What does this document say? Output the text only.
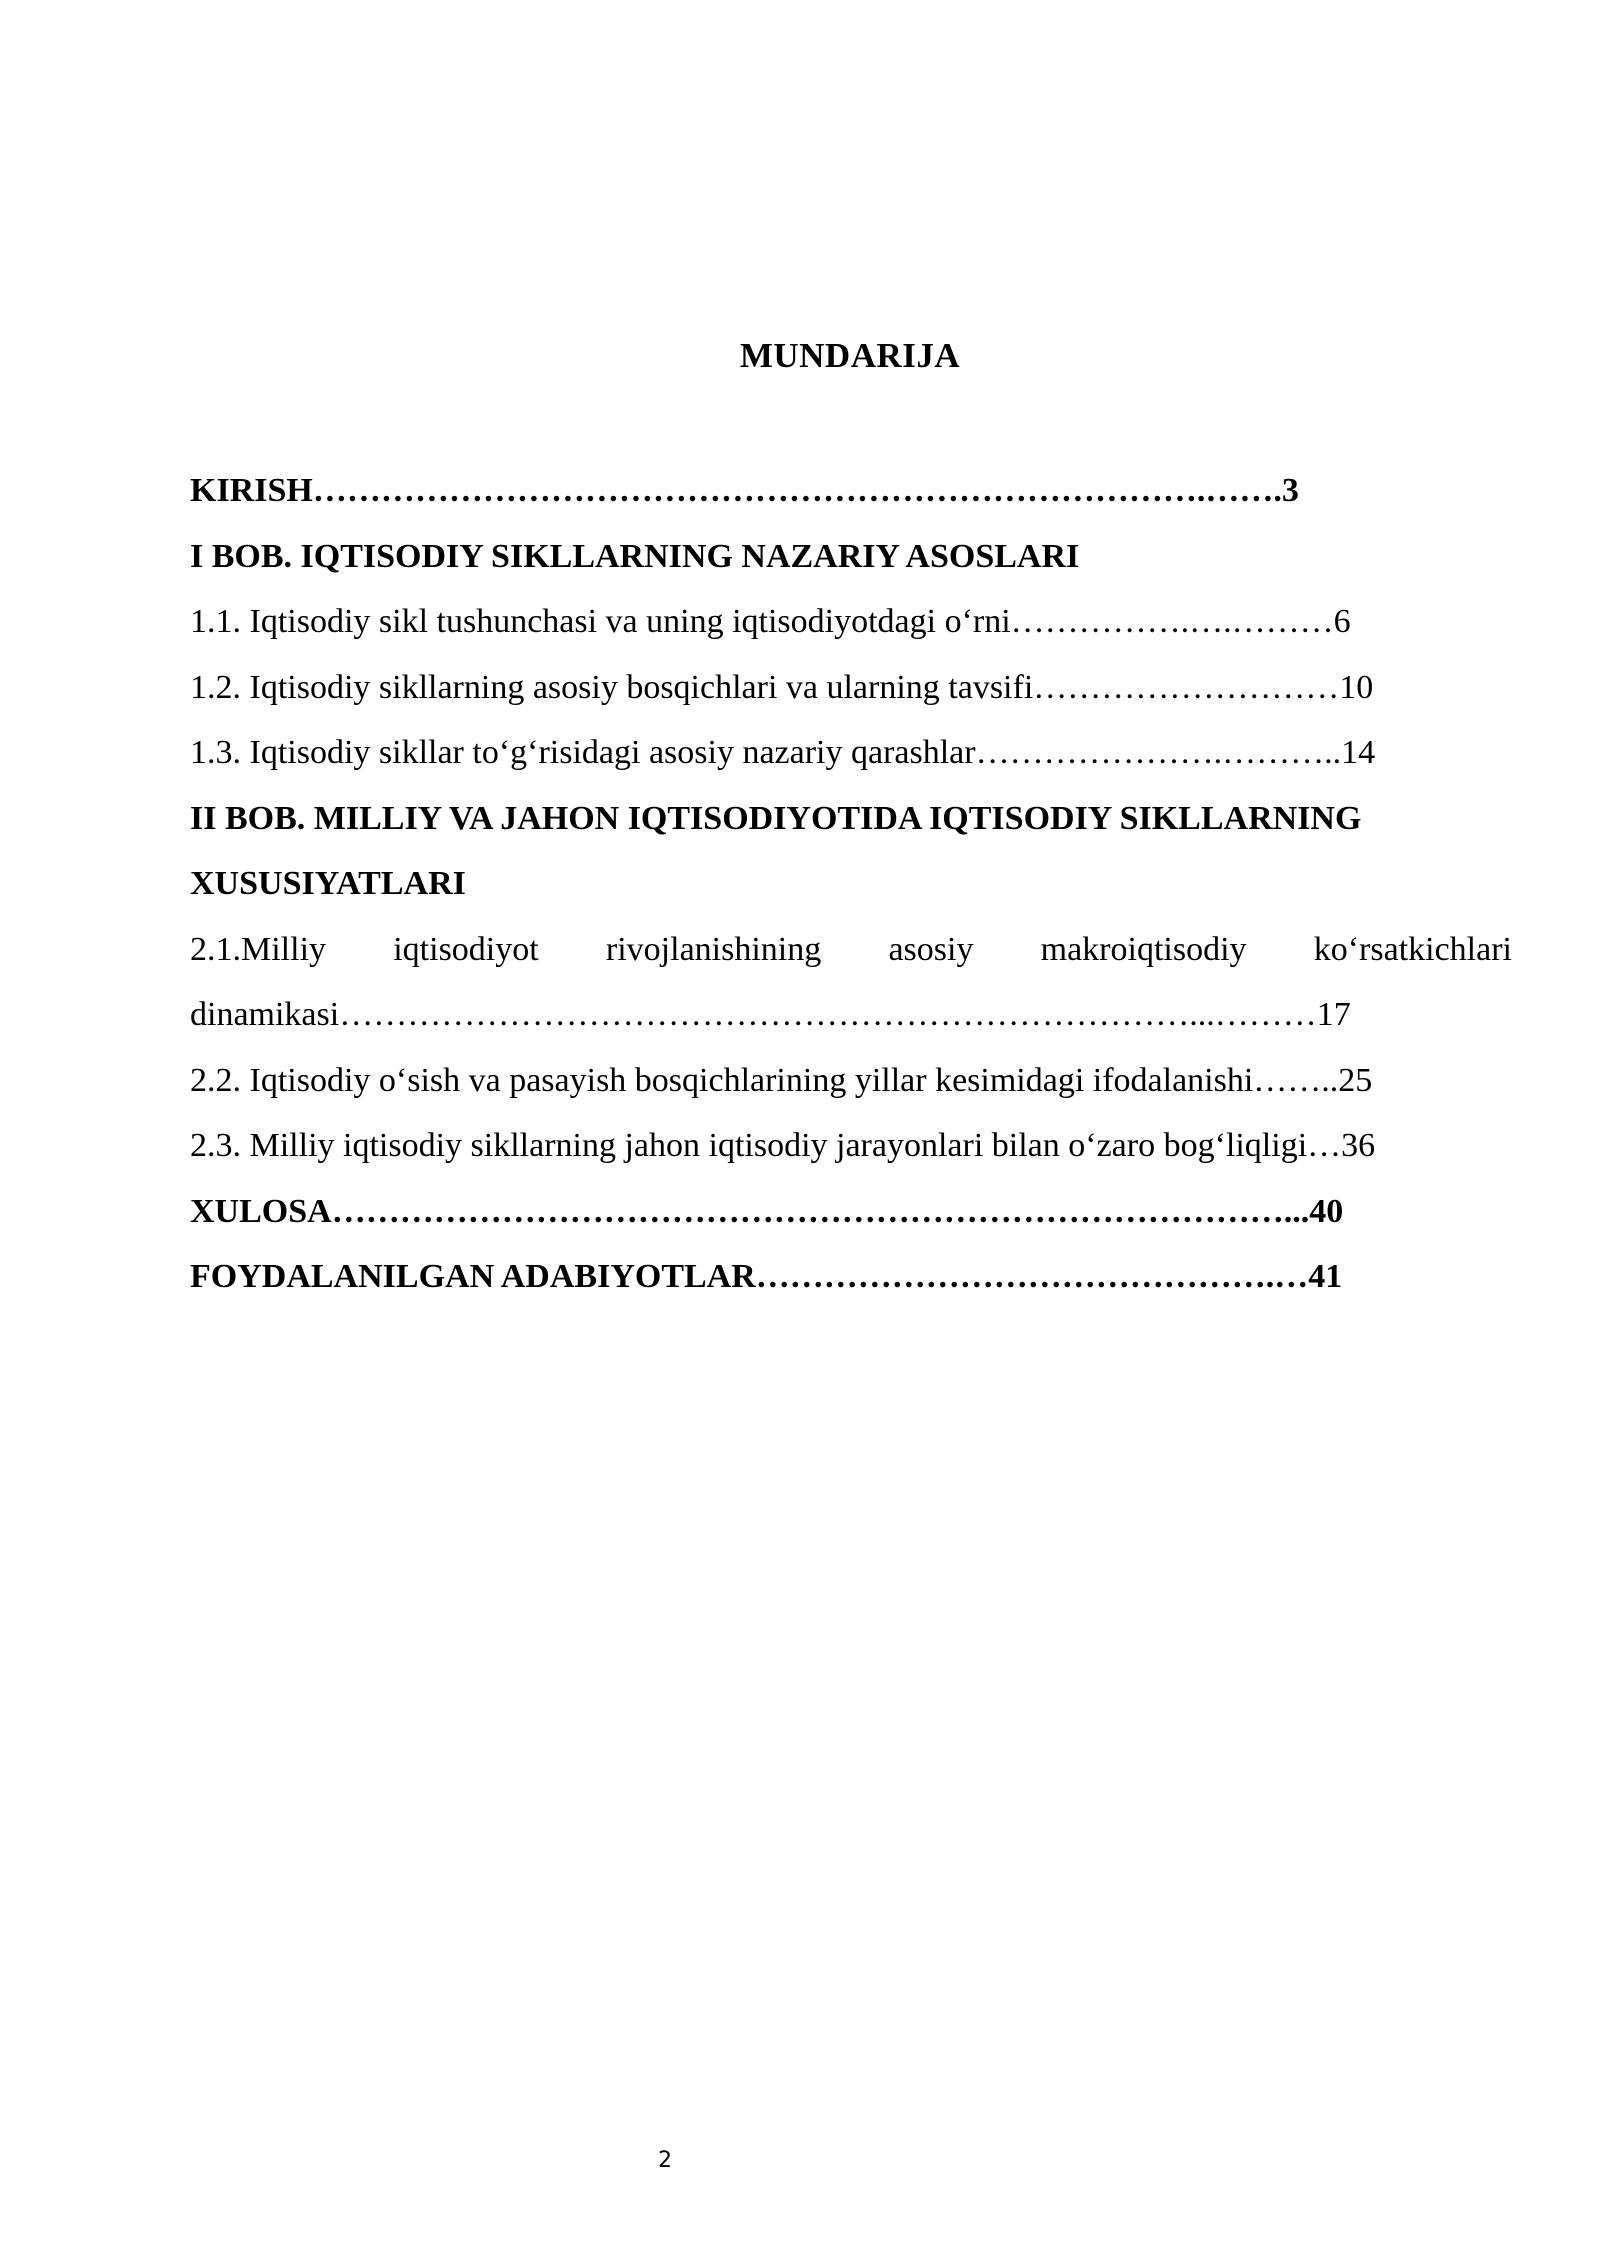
MUNDARIJA
KIRISH…………………………………………………………………….…….3
I BOB. IQTISODIY SIKLLARNING NAZARIY ASOSLARI
1.1. Iqtisodiy sikl tushunchasi va uning iqtisodiyotdagi o‘rni…………….….………6
1.2. Iqtisodiy sikllarning asosiy bosqichlari va ularning tavsifi………………………10
1.3. Iqtisodiy sikllar to‘g‘risidagi asosiy nazariy qarashlar………………….………..14
II BOB. MILLIY VA JAHON IQTISODIYOTIDA IQTISODIY SIKLLARNING
XUSUSIYATLARI
2.1.Milliy iqtisodiyot rivojlanishining asosiy makroiqtisodiy ko‘rsatkichlari
dinamikasi…………………………………………………………………...………17
2.2. Iqtisodiy o‘sish va pasayish bosqichlarining yillar kesimidagi ifodalanishi……..25
2.3. Milliy iqtisodiy sikllarning jahon iqtisodiy jarayonlari bilan o‘zaro bog‘liqligi…36
XULOSA…………………………………………………………………………...40
FOYDALANILGAN ADABIYOTLAR……………………………………….…41
2
